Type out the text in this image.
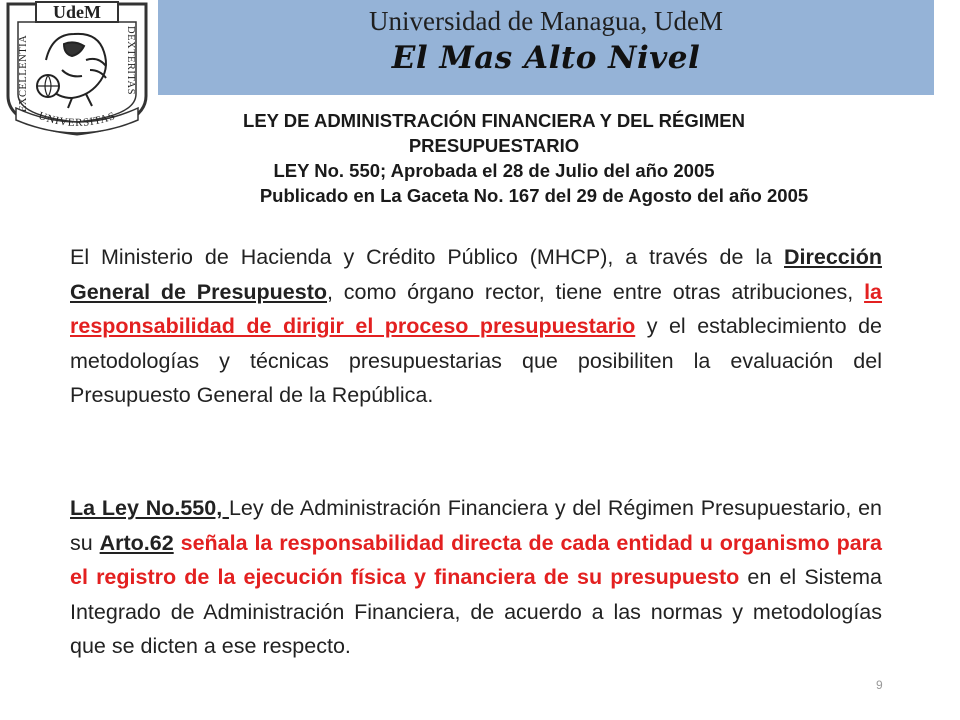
UdeM
EXCELLENTIA	DEXTERITAS
UNIVERSITAS
Universidad de Managua, UdeM
El Mas Alto Nivel
LEY DE ADMINISTRACIÓN FINANCIERA Y DEL RÉGIMEN
PRESUPUESTARIO
LEY No. 550; Aprobada el 28 de Julio del año 2005
Publicado en La Gaceta No. 167 del 29 de Agosto del año 2005
El Ministerio de Hacienda y Crédito Público (MHCP), a través de la Dirección General de Presupuesto, como órgano rector, tiene entre otras atribuciones, la responsabilidad de dirigir el proceso presupuestario y el establecimiento de metodologías y técnicas presupuestarias que posibiliten la evaluación del Presupuesto General de la República.
La Ley No.550, Ley de Administración Financiera y del Régimen Presupuestario, en su Arto.62 señala la responsabilidad directa de cada entidad u organismo para el registro de la ejecución física y financiera de su presupuesto en el Sistema Integrado de Administración Financiera, de acuerdo a las normas y metodologías que se dicten a ese respecto.
9
